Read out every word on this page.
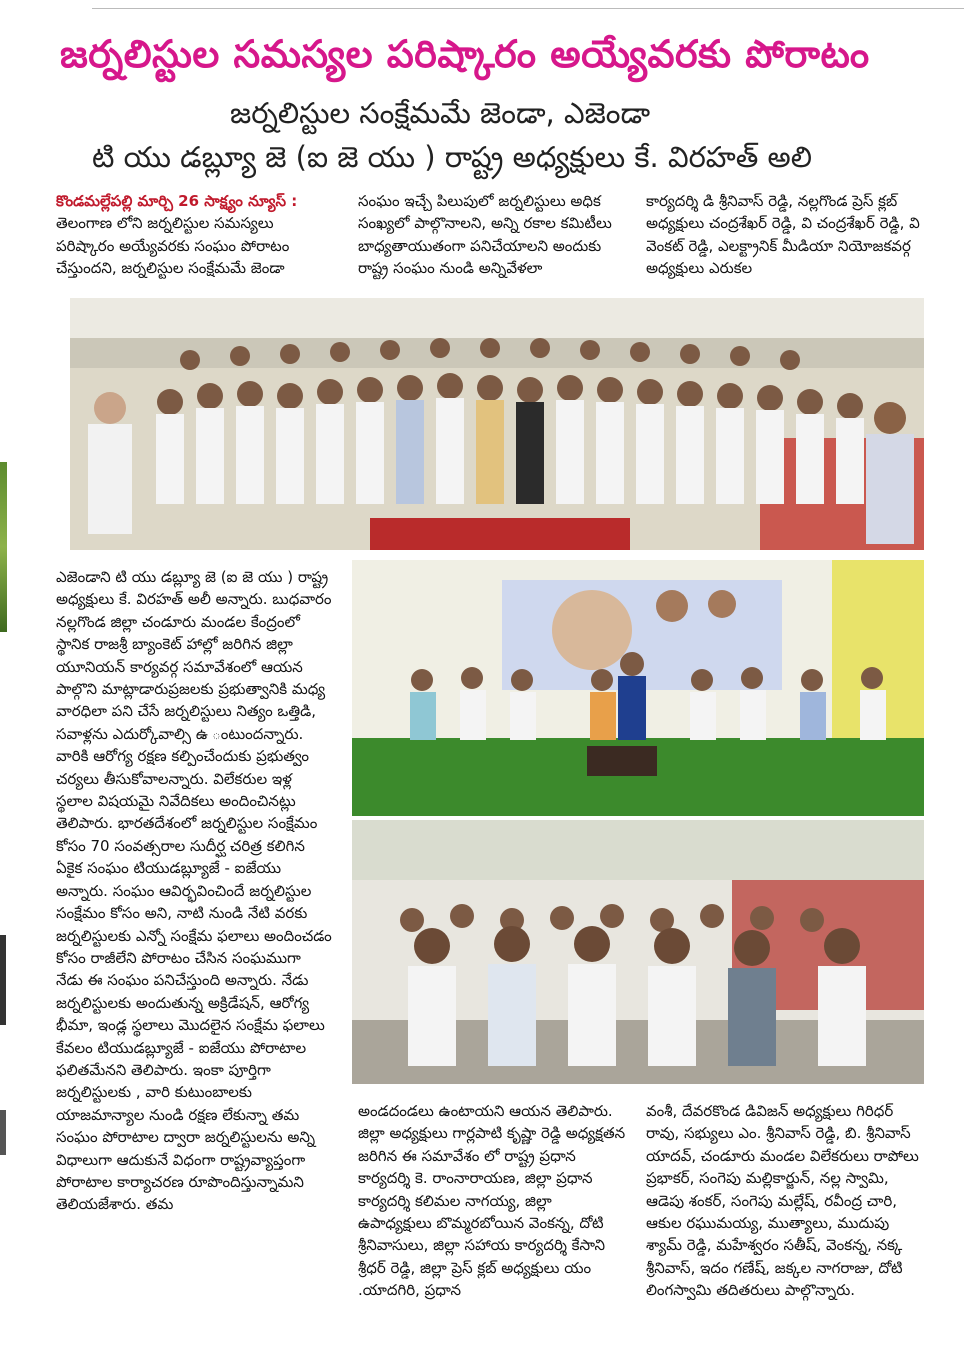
జర్నలిస్టుల సమస్యల పరిష్కారం అయ్యేవరకు పోరాటం
జర్నలిస్టుల సంక్షేమమే జెండా, ఎజెండా
టి యు డబ్ల్యూ జె (ఐ జె యు ) రాష్ట్ర అధ్యక్షులు కే. విరహత్ అలి

కొండమల్లేపల్లి మార్చి 26 సాక్ష్యం న్యూస్ :

తెలంగాణ లోని జర్నలిస్టుల సమస్యలు పరిష్కారం అయ్యేవరకు సంఘం పోరాటం చేస్తుందని, జర్నలిస్టుల సంక్షేమమే జెండా

సంఘం ఇచ్చే పిలుపులో జర్నలిస్టులు అధిక సంఖ్యలో పాల్గొనాలని, అన్ని రకాల కమిటీలు బాధ్యతాయుతంగా పనిచేయాలని అందుకు రాష్ట్ర సంఘం నుండి అన్నివేళలా

కార్యదర్శి డి శ్రీనివాస్ రెడ్డి, నల్లగొండ ప్రెస్ క్లబ్ అధ్యక్షులు చంద్రశేఖర్ రెడ్డి, వి చంద్రశేఖర్ రెడ్డి, వి వెంకట్ రెడ్డి, ఎలక్ట్రానిక్ మీడియా నియోజకవర్గ అధ్యక్షులు ఎరుకల

ఎజెండాని టి యు డబ్ల్యూ జె (ఐ జె యు ) రాష్ట్ర అధ్యక్షులు కే. విరహత్ అలీ అన్నారు. బుధవారం నల్లగొండ జిల్లా చండూరు మండల కేంద్రంలో స్థానిక రాజశ్రీ బ్యాంకెట్ హాల్లో జరిగిన జిల్లా యూనియన్ కార్యవర్గ సమావేశంలో ఆయన పాల్గొని మాట్లాడారుప్రజలకు ప్రభుత్వానికి మధ్య వారధిలా పని చేసే జర్నలిస్టులు నిత్యం ఒత్తిడి, సవాళ్లను ఎదుర్కోవాల్సి ఉ ంటుందన్నారు.

వారికి ఆరోగ్య రక్షణ కల్పించేందుకు ప్రభుత్వం చర్యలు తీసుకోవాలన్నారు. విలేకరుల ఇళ్ల స్థలాల విషయమై నివేదికలు అందించినట్లు తెలిపారు. భారతదేశంలో జర్నలిస్టుల సంక్షేమం కోసం 70 సంవత్సరాల సుదీర్ఘ చరిత్ర కలిగిన ఏకైక సంఘం టియుడబ్ల్యూజే - ఐజేయు అన్నారు. సంఘం ఆవిర్భవించిందే జర్నలిస్టుల సంక్షేమం కోసం అని, నాటి నుండి నేటి వరకు జర్నలిస్టులకు ఎన్నో సంక్షేమ ఫలాలు అందించడం కోసం రాజీలేని పోరాటం చేసిన సంఘముగా నేడు ఈ సంఘం పనిచేస్తుంది అన్నారు. నేడు జర్నలిస్టులకు అందుతున్న అక్రిడేషన్, ఆరోగ్య భీమా, ఇండ్ల స్థలాలు మొదలైన సంక్షేమ ఫలాలు కేవలం టియుడబ్ల్యూజే - ఐజేయు పోరాటాల ఫలితమేనని తెలిపారు. ఇంకా పూర్తిగా జర్నలిస్టులకు , వారి కుటుంబాలకు యాజమాన్యాల నుండి రక్షణ లేకున్నా తమ సంఘం పోరాటాల ద్వారా జర్నలిస్టులను అన్ని విధాలుగా ఆదుకునే విధంగా రాష్ట్రవ్యాప్తంగా పోరాటాల కార్యాచరణ రూపొందిస్తున్నామని తెలియజేశారు. తమ

అండదండలు ఉంటాయని ఆయన తెలిపారు.

జిల్లా అధ్యక్షులు గార్లపాటి కృష్ణా రెడ్డి అధ్యక్షతన జరిగిన ఈ సమావేశం లో రాష్ట్ర ప్రధాన కార్యదర్శి కె. రాంనారాయణ, జిల్లా ప్రధాన కార్యదర్శి కలిమల నాగయ్య, జిల్లా ఉపాధ్యక్షులు బొమ్మరబోయిన వెంకన్న, దోటి శ్రీనివాసులు, జిల్లా సహాయ కార్యదర్శి కేసాని శ్రీధర్ రెడ్డి, జిల్లా ప్రెస్ క్లబ్ అధ్యక్షులు యం .యాదగిరి, ప్రధాన

వంశీ, దేవరకొండ డివిజన్ అధ్యక్షులు గిరిధర్ రావు, సభ్యులు ఎం. శ్రీనివాస్ రెడ్డి, బి. శ్రీనివాస్ యాదవ్, చండూరు మండల విలేకరులు రాపోలు ప్రభాకర్, సంగెపు మల్లికార్జున్, నల్ల స్వామి, ఆడెపు శంకర్, సంగెపు మల్లేష్, రవీంద్ర చారి, ఆకుల రఘుమయ్య, ముత్యాలు, ముదుపు శ్యామ్ రెడ్డి, మహేశ్వరం సతీష్, వెంకన్న, నక్క శ్రీనివాస్, ఇదం గణేష్, జక్కల నాగరాజు, దోటి లింగస్వామి తదితరులు పాల్గొన్నారు.
